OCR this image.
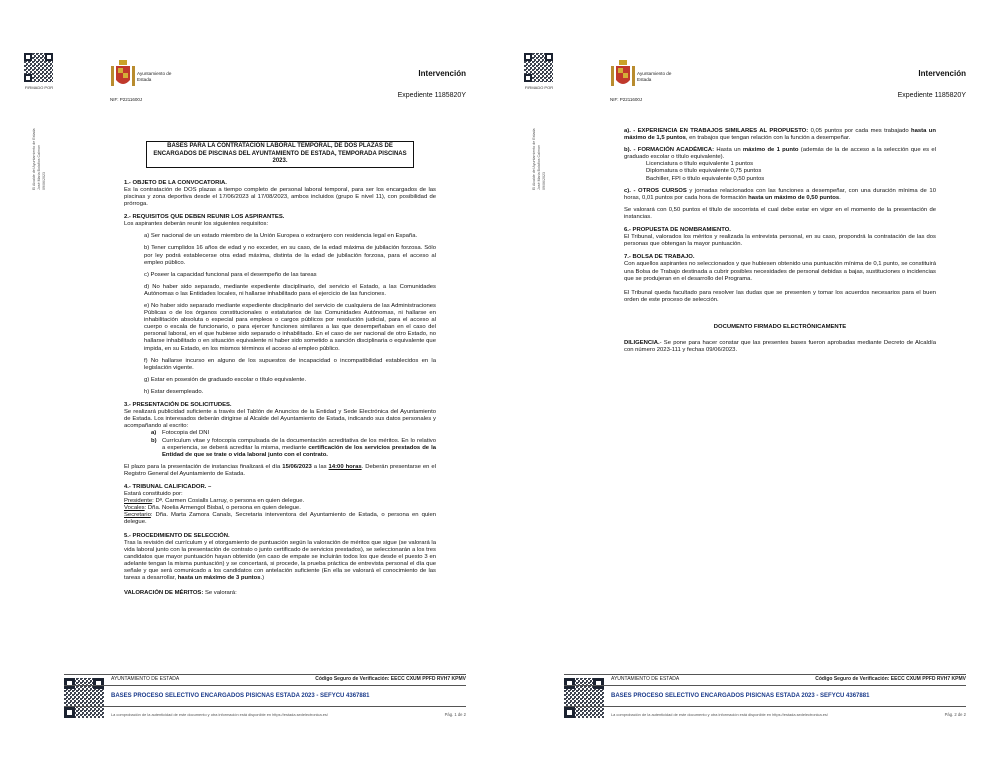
FIRMADO POR
El Alcalde del Ayuntamiento de Estada José Maria Bolaños Calmon 09/06/2023
Ayuntamiento de Estada
NIF: P2211600J
Intervención
Expediente 1185820Y
BASES PARA LA CONTRATACIÓN LABORAL TEMPORAL, DE DOS PLAZAS DE ENCARGADOS DE PISCINAS DEL AYUNTAMIENTO DE ESTADA, TEMPORADA PISCINAS 2023.
1.- OBJETO DE LA CONVOCATORIA.

Es la contratación de DOS plazas a tiempo completo de personal laboral temporal, para ser los encargados de las piscinas y zona deportiva desde el 17/06/2023 al 17/08/2023, ambos incluidos (grupo E nivel 11), con posibilidad de prórroga.

2.- REQUISITOS QUE DEBEN REUNIR LOS ASPIRANTES.

Los aspirantes deberán reunir los siguientes requisitos:

a) Ser nacional de un estado miembro de la Unión Europea o extranjero con residencia legal en España.

b) Tener cumplidos 16 años de edad y no exceder, en su caso, de la edad máxima de jubilación forzosa. Sólo por ley podrá establecerse otra edad máxima, distinta de la edad de jubilación forzosa, para el acceso al empleo público.

c) Poseer la capacidad funcional para el desempeño de las tareas

d) No haber sido separado, mediante expediente disciplinario, del servicio el Estado, a las Comunidades Autónomas o las Entidades locales, ni hallarse inhabilitado para el ejercicio de las funciones.

e) No haber sido separado mediante expediente disciplinario del servicio de cualquiera de las Administraciones Públicas o de los órganos constitucionales o estatutarios de las Comunidades Autónomas, ni hallarse en inhabilitación absoluta o especial para empleos o cargos públicos por resolución judicial, para el acceso al cuerpo o escala de funcionario, o para ejercer funciones similares a las que desempeñaban en el caso del personal laboral, en el que hubiese sido separado o inhabilitado. En el caso de ser nacional de otro Estado, no hallarse inhabilitado o en situación equivalente ni haber sido sometido a sanción disciplinaria o equivalente que impida, en su Estado, en los mismos términos el acceso al empleo público.

f) No hallarse incurso en alguno de los supuestos de incapacidad o incompatibilidad establecidos en la legislación vigente.

g) Estar en posesión de graduado escolar o título equivalente.

h) Estar desempleado.

3.- PRESENTACIÓN DE SOLICITUDES.

Se realizará publicidad suficiente a través del Tablón de Anuncios de la Entidad y Sede Electrónica del Ayuntamiento de Estada. Los interesados deberán dirigirse al Alcalde del Ayuntamiento de Estada, indicando sus datos personales y acompañando al escrito:

a) Fotocopia del DNI
b) Currículum vitae y fotocopia compulsada de la documentación acreditativa de los méritos. En lo relativo a experiencia, se deberá acreditar la misma, mediante certificación de los servicios prestados de la Entidad de que se trate o vida laboral junto con el contrato.

El plazo para la presentación de instancias finalizará el día 15/06/2023 a las 14:00 horas. Deberán presentarse en el Registro General del Ayuntamiento de Estada.

4.- TRIBUNAL CALIFICADOR. –

Estará constituido por:
Presidente: Dª. Carmen Cosialls Larruy, o persona en quien delegue.
Vocales: Dña. Noelia Armengol Bisbal, o persona en quien delegue.
Secretario: Dña. Marta Zamora Canals, Secretaria interventora del Ayuntamiento de Estada, o persona en quien delegue.

5.- PROCEDIMIENTO DE SELECCIÓN.

Tras la revisión del currículum y el otorgamiento de puntuación según la valoración de méritos que sigue (se valorará la vida laboral junto con la presentación de contrato o junto certificado de servicios prestados), se seleccionarán a los tres candidatos que mayor puntuación hayan obtenido (en caso de empate se incluirán todos los que desde el puesto 3 en adelante tengan la misma puntuación) y se concertará, si procede, la prueba práctica de entrevista personal el día que señale y que será comunicado a los candidatos con antelación suficiente (En ella se valorará el conocimiento de las tareas a desarrollar, hasta un máximo de 3 puntos.)

VALORACIÓN DE MÉRITOS: Se valorará:

AYUNTAMIENTO DE ESTADA	Código Seguro de Verificación: EECC CXUM PPFD RVH7 KPMV
BASES PROCESO SELECTIVO ENCARGADOS PISICNAS ESTADA 2023 - SEFYCU 4367881
La comprobación de la autenticidad de este documento y otra información está disponible en https://estada.sedelectronica.es/	Pág. 1 de 2
FIRMADO POR
El Alcalde del Ayuntamiento de Estada José Maria Bolaños Calmon 09/06/2023
Ayuntamiento de Estada
NIF: P2211600J
Intervención
Expediente 1185820Y

a). - EXPERIENCIA EN TRABAJOS SIMILARES AL PROPUESTO: 0,05 puntos por cada mes trabajado hasta un máximo de 1,5 puntos, en trabajos que tengan relación con la función a desempeñar.

b). - FORMACIÓN ACADÉMICA: Hasta un máximo de 1 punto (además de la de acceso a la selección que es el graduado escolar o título equivalente).

Licenciatura o título equivalente 1 puntos
Diplomatura o título equivalente 0,75 puntos
Bachiller, FPI o título equivalente 0,50 puntos

c). - OTROS CURSOS y jornadas relacionados con las funciones a desempeñar, con una duración mínima de 10 horas, 0,01 puntos por cada hora de formación hasta un máximo de 0,50 puntos.

Se valorará con 0,50 puntos el título de socorrista el cual debe estar en vigor en el momento de la presentación de instancias.

6.- PROPUESTA DE NOMBRAMIENTO.

El Tribunal, valorados los méritos y realizada la entrevista personal, en su caso, propondrá la contratación de las dos personas que obtengan la mayor puntuación.

7.- BOLSA DE TRABAJO.

Con aquellos aspirantes no seleccionados y que hubiesen obtenido una puntuación mínima de 0,1 punto, se constituirá una Bolsa de Trabajo destinada a cubrir posibles necesidades de personal debidas a bajas, sustituciones o incidencias que se produjeran en el desarrollo del Programa.

El Tribunal queda facultado para resolver las dudas que se presenten y tomar los acuerdos necesarios para el buen orden de este proceso de selección.

DOCUMENTO FIRMADO ELECTRÓNICAMENTE

DILIGENCIA.- Se pone para hacer constar que las presentes bases fueron aprobadas mediante Decreto de Alcaldía con número 2023-111 y fechas 09/06/2023.

AYUNTAMIENTO DE ESTADA	Código Seguro de Verificación: EECC CXUM PPFD RVH7 KPMV
BASES PROCESO SELECTIVO ENCARGADOS PISICNAS ESTADA 2023 - SEFYCU 4367881
La comprobación de la autenticidad de este documento y otra información está disponible en https://estada.sedelectronica.es/	Pág. 2 de 2
